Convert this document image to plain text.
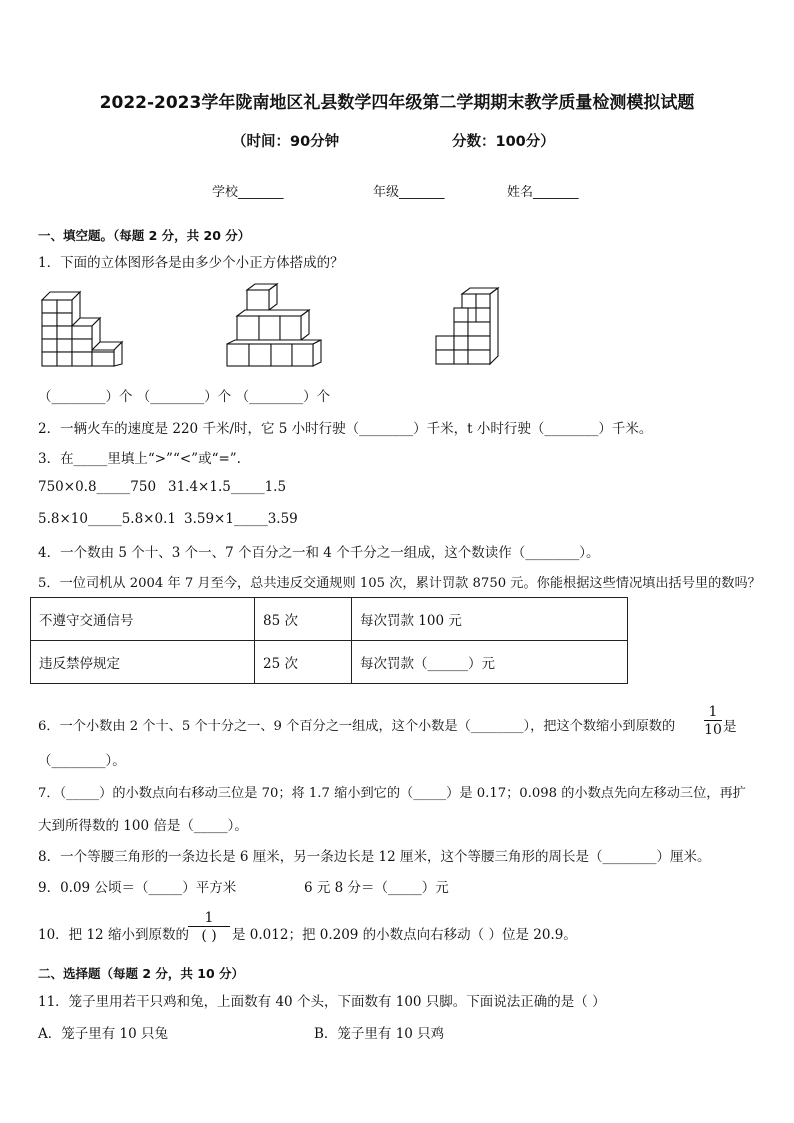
2022-2023学年陇南地区礼县数学四年级第二学期期末教学质量检测模拟试题
（时间：90分钟	分数：100分）
学校_______	年级_______	姓名_______
一、填空题。（每题 2 分，共 20 分）
1．下面的立体图形各是由多少个小正方体搭成的？
（________）个 （________）个 （________）个
2．一辆火车的速度是 220 千米/时，它 5 小时行驶（________）千米，t 小时行驶（________）千米。
3．在_____里填上“>”“<”或“=”.
750×0.8_____750 31.4×1.5_____1.5
5.8×10_____5.8×0.1 3.59×1_____3.59
4．一个数由 5 个十、3 个一、7 个百分之一和 4 个千分之一组成，这个数读作（________）。
5．一位司机从 2004 年 7 月至今，总共违反交通规则 105 次，累计罚款 8750 元。你能根据这些情况填出括号里的数吗？
不遵守交通信号	85 次	每次罚款 100 元
违反禁停规定	25 次	每次罚款（______）元
6．一个小数由 2 个十、5 个十分之一、9 个百分之一组成，这个小数是（________），把这个数缩小到原数的 $\frac{1}{10}$ 是
（________）。
7．（_____）的小数点向右移动三位是 70；将 1.7 缩小到它的（_____）是 0.17；0.098 的小数点先向左移动三位，再扩
大到所得数的 100 倍是（_____）。
8．一个等腰三角形的一条边长是 6 厘米，另一条边长是 12 厘米，这个等腰三角形的周长是（________）厘米。
9．0.09 公顷＝（_____）平方米	6 元 8 分＝（_____）元
10．把 12 缩小到原数的
1
( )	是 0.012；把 0.209 的小数点向右移动（ ）位是 20.9。
二、选择题（每题 2 分，共 10 分）
11．笼子里用若干只鸡和兔，上面数有 40 个头，下面数有 100 只脚。下面说法正确的是（ ）
A．笼子里有 10 只兔	B．笼子里有 10 只鸡
